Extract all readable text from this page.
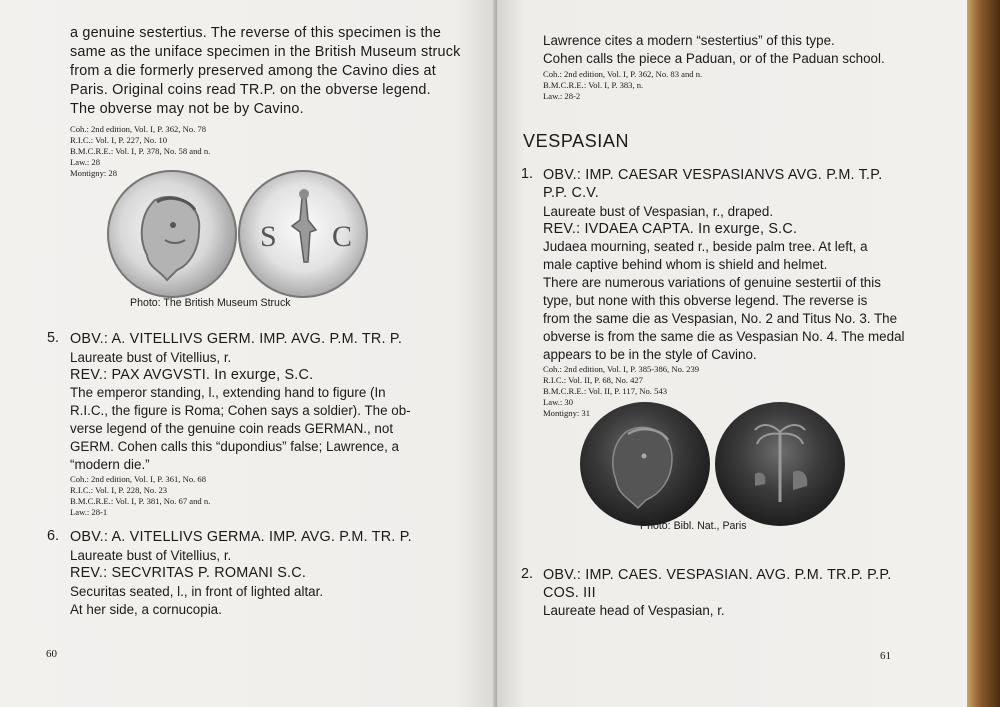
a genuine sestertius. The reverse of this specimen is the
same as the uniface specimen in the British Museum struck
from a die formerly preserved among the Cavino dies at
Paris. Original coins read TR.P. on the obverse legend.
The obverse may not be by Cavino.
Coh.: 2nd edition, Vol. I, P. 362, No. 78
R.I.C.: Vol. I, P. 227, No. 10
B.M.C.R.E.: Vol. I, P. 378, No. 58 and n.
Law.: 28
Montigny: 28
S C
Photo: The British Museum Struck
5. OBV.: A. VITELLIVS GERM. IMP. AVG. P.M. TR. P.
Laureate bust of Vitellius, r.
REV.: PAX AVGVSTI. In exurge, S.C.
The emperor standing, l., extending hand to figure (In
R.I.C., the figure is Roma; Cohen says a soldier). The ob-
verse legend of the genuine coin reads GERMAN., not
GERM. Cohen calls this “dupondius” false; Lawrence, a
“modern die.”
Coh.: 2nd edition, Vol. I, P. 361, No. 68
R.I.C.: Vol. I, P. 228, No. 23
B.M.C.R.E.: Vol. I, P. 381, No. 67 and n.
Law.: 28-1
6. OBV.: A. VITELLIVS GERMA. IMP. AVG. P.M. TR. P.
Laureate bust of Vitellius, r.
REV.: SECVRITAS P. ROMANI S.C.
Securitas seated, l., in front of lighted altar.
At her side, a cornucopia.
60
Lawrence cites a modern “sestertius” of this type.
Cohen calls the piece a Paduan, or of the Paduan school.
Coh.: 2nd edition, Vol. I, P. 362, No. 83 and n.
B.M.C.R.E.: Vol. I, P. 383, n.
Law.: 28-2
VESPASIAN
1. OBV.: IMP. CAESAR VESPASIANVS AVG. P.M. T.P.
P.P. C.V.
Laureate bust of Vespasian, r., draped.
REV.: IVDAEA CAPTA. In exurge, S.C.
Judaea mourning, seated r., beside palm tree. At left, a
male captive behind whom is shield and helmet.
There are numerous variations of genuine sestertii of this
type, but none with this obverse legend. The reverse is
from the same die as Vespasian, No. 2 and Titus No. 3. The
obverse is from the same die as Vespasian No. 4. The medal
appears to be in the style of Cavino.
Coh.: 2nd edition, Vol. I, P. 385-386, No. 239
R.I.C.: Vol. II, P. 68, No. 427
B.M.C.R.E.: Vol. II, P. 117, No. 543
Law.: 30
Montigny: 31
Photo: Bibl. Nat., Paris
2. OBV.: IMP. CAES. VESPASIAN. AVG. P.M. TR.P. P.P.
COS. III
Laureate head of Vespasian, r.
61
